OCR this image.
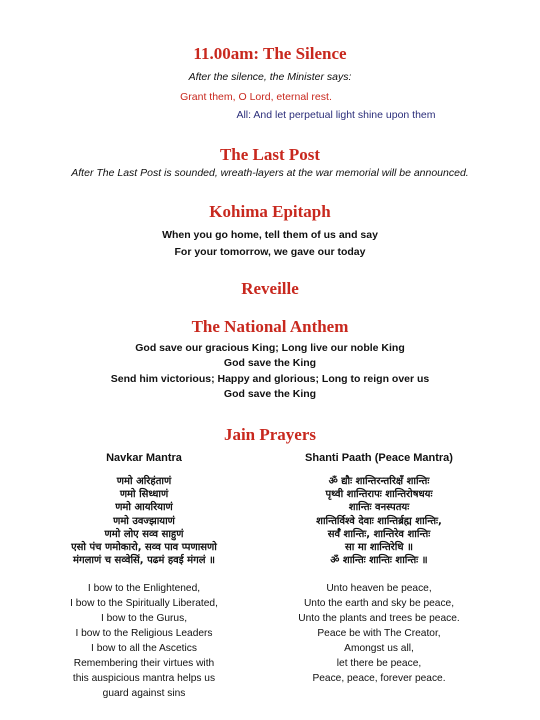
11.00am: The Silence
After the silence, the Minister says:
Grant them, O Lord, eternal rest.
All: And let perpetual light shine upon them
The Last Post
After The Last Post is sounded, wreath-layers at the war memorial will be announced.
Kohima Epitaph
When you go home, tell them of us and say
For your tomorrow, we gave our today
Reveille
The National Anthem
God save our gracious King; Long live our noble King
God save the King
Send him victorious; Happy and glorious; Long to reign over us
God save the King
Jain Prayers
Navkar Mantra
णमो अरिहंताणं
णमो सिध्धाणं
णमो आयरियाणं
णमो उवज्झायाणं
णमो लोए सव्व साहुणं
एसो पंच णमोकारो, सव्व पाव प्पणासणो
मंगलाणं च सव्वेसिं, पढमं हवई मंगलं ॥
I bow to the Enlightened,
I bow to the Spiritually Liberated,
I bow to the Gurus,
I bow to the Religious Leaders
I bow to all the Ascetics
Remembering their virtues with
this auspicious mantra helps us
guard against sins
Shanti Paath (Peace Mantra)
ॐ द्यौः शान्तिरन्तरिक्षँ शान्तिः
पृथ्वी शान्तिरापः शान्तिरोषधयः
शान्तिः वनस्पतयः
शान्तिर्विश्वे देवाः शान्तिर्ब्रह्म शान्तिः,
सर्वँ शान्तिः, शान्तिरेव शान्तिः
सा मा शान्तिरेधि ॥
ॐ शान्तिः शान्तिः शान्तिः ॥
Unto heaven be peace,
Unto the earth and sky be peace,
Unto the plants and trees be peace.
Peace be with The Creator,
Amongst us all,
let there be peace,
Peace, peace, forever peace.
